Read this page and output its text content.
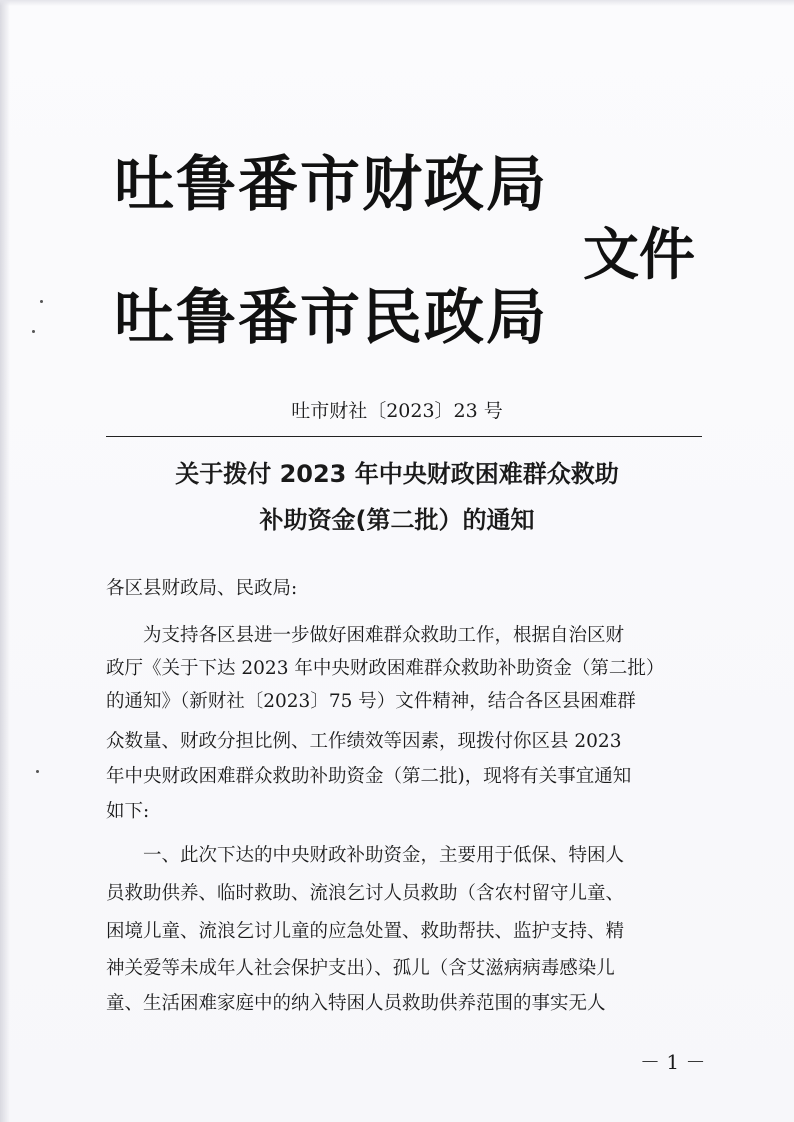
吐鲁番市财政局
文件
吐鲁番市民政局
吐市财社〔2023〕23 号
关于拨付 2023 年中央财政困难群众救助
补助资金(第二批）的通知
各区县财政局、民政局:
　　为支持各区县进一步做好困难群众救助工作，根据自治区财
政厅《关于下达 2023 年中央财政困难群众救助补助资金（第二批）
的通知》（新财社〔2023〕75 号）文件精神，结合各区县困难群
众数量、财政分担比例、工作绩效等因素，现拨付你区县 2023
年中央财政困难群众救助补助资金（第二批)，现将有关事宜通知
如下:
　　一、此次下达的中央财政补助资金，主要用于低保、特困人
员救助供养、临时救助、流浪乞讨人员救助（含农村留守儿童、
困境儿童、流浪乞讨儿童的应急处置、救助帮扶、监护支持、精
神关爱等未成年人社会保护支出）、孤儿（含艾滋病病毒感染儿
童、生活困难家庭中的纳入特困人员救助供养范围的事实无人
－ 1 －
